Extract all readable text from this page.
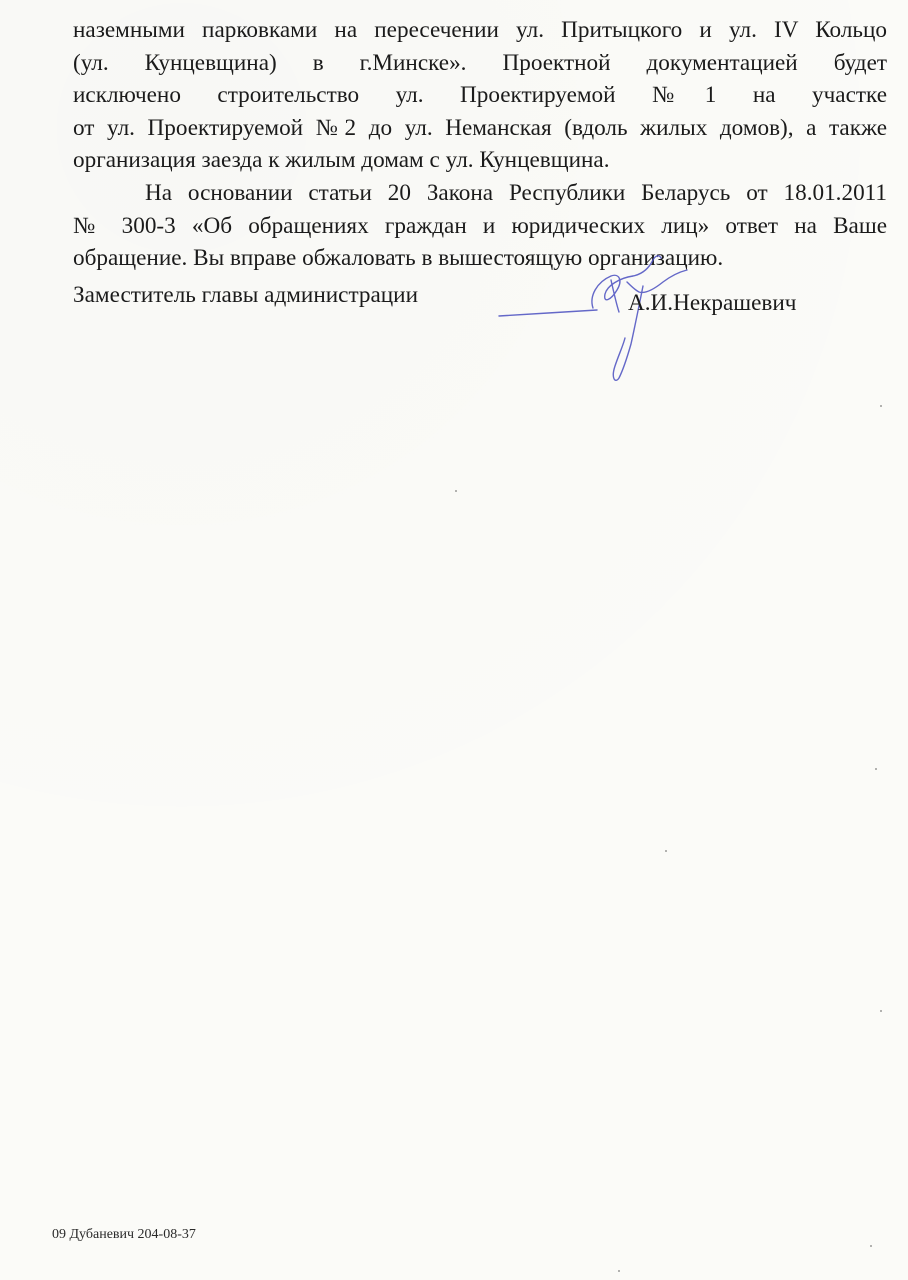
наземными парковками на пересечении ул. Притыцкого и ул. IV Кольцо
(ул. Кунцевщина) в г.Минске». Проектной документацией будет
исключено строительство ул. Проектируемой №1 на участке
от ул. Проектируемой №2 до ул. Неманская (вдоль жилых домов), а также
организация заезда к жилым домам с ул. Кунцевщина.

На основании статьи 20 Закона Республики Беларусь от 18.01.2011
№ 300-3 «Об обращениях граждан и юридических лиц» ответ на Ваше
обращение. Вы вправе обжаловать в вышестоящую организацию.

Заместитель главы администрации	А.И.Некрашевич
09 Дубаневич 204-08-37
